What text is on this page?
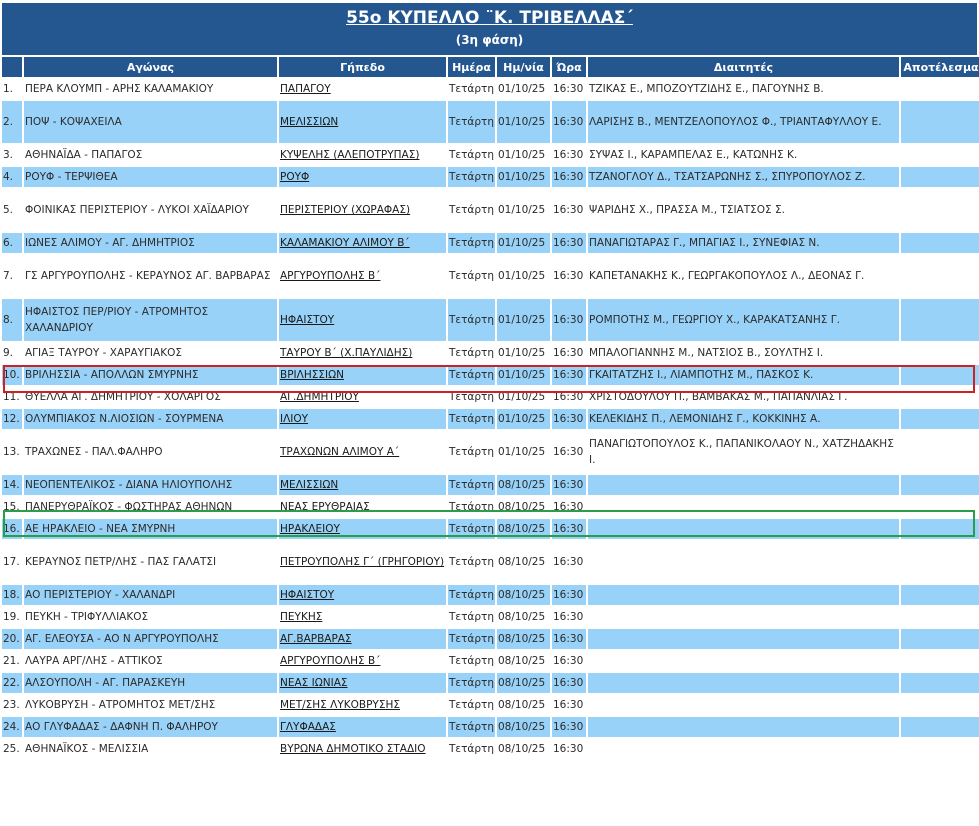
55ο ΚΥΠΕΛΛΟ ¨Κ. ΤΡΙΒΕΛΛΑΣ΄
(3η φάση)
	Αγώνας	Γήπεδο	Ημέρα	Ημ/νία	Ώρα	Διαιτητές	Αποτέλεσμα
1.	ΠΕΡΑ ΚΛΟΥΜΠ - ΑΡΗΣ ΚΑΛΑΜΑΚΙΟΥ	ΠΑΠΑΓΟΥ	Τετάρτη	01/10/25	16:30	ΤΖΙΚΑΣ Ε., ΜΠΟΖΟΥΤΖΙΔΗΣ Ε., ΠΑΓΟΥΝΗΣ Β.	
2.	ΠΟΨ - ΚΟΨΑΧΕΙΛΑ	ΜΕΛΙΣΣΙΩΝ	Τετάρτη	01/10/25	16:30	ΛΑΡΙΣΗΣ Β., ΜΕΝΤΖΕΛΟΠΟΥΛΟΣ Φ., ΤΡΙΑΝΤΑΦΥΛΛΟΥ Ε.	
3.	ΑΘΗΝΑΪΔΑ - ΠΑΠΑΓΟΣ	ΚΥΨΕΛΗΣ (ΑΛΕΠΟΤΡΥΠΑΣ)	Τετάρτη	01/10/25	16:30	ΣΥΨΑΣ Ι., ΚΑΡΑΜΠΕΛΑΣ Ε., ΚΑΤΩΝΗΣ Κ.	
4.	ΡΟΥΦ - ΤΕΡΨΙΘΕΑ	ΡΟΥΦ	Τετάρτη	01/10/25	16:30	ΤΖΑΝΟΓΛΟΥ Δ., ΤΣΑΤΣΑΡΩΝΗΣ Σ., ΣΠΥΡΟΠΟΥΛΟΣ Ζ.	
5.	ΦΟΙΝΙΚΑΣ ΠΕΡΙΣΤΕΡΙΟΥ - ΛΥΚΟΙ ΧΑΪΔΑΡΙΟΥ	ΠΕΡΙΣΤΕΡΙΟΥ (ΧΩΡΑΦΑΣ)	Τετάρτη	01/10/25	16:30	ΨΑΡΙΔΗΣ Χ., ΠΡΑΣΣΑ Μ., ΤΣΙΑΤΣΟΣ Σ.	
6.	ΙΩΝΕΣ ΑΛΙΜΟΥ - ΑΓ. ΔΗΜΗΤΡΙΟΣ	ΚΑΛΑΜΑΚΙΟΥ ΑΛΙΜΟΥ Β΄	Τετάρτη	01/10/25	16:30	ΠΑΝΑΓΙΩΤΑΡΑΣ Γ., ΜΠΑΓΙΑΣ Ι., ΣΥΝΕΦΙΑΣ Ν.	
7.	ΓΣ ΑΡΓΥΡΟΥΠΟΛΗΣ - ΚΕΡΑΥΝΟΣ ΑΓ. ΒΑΡΒΑΡΑΣ	ΑΡΓΥΡΟΥΠΟΛΗΣ Β΄	Τετάρτη	01/10/25	16:30	ΚΑΠΕΤΑΝΑΚΗΣ Κ., ΓΕΩΡΓΑΚΟΠΟΥΛΟΣ Λ., ΔΕΟΝΑΣ Γ.	
8.	ΗΦΑΙΣΤΟΣ ΠΕΡ/ΡΙΟΥ - ΑΤΡΟΜΗΤΟΣ ΧΑΛΑΝΔΡΙΟΥ	ΗΦΑΙΣΤΟΥ	Τετάρτη	01/10/25	16:30	ΡΟΜΠΟΤΗΣ Μ., ΓΕΩΡΓΙΟΥ Χ., ΚΑΡΑΚΑΤΣΑΝΗΣ Γ.	
9.	ΑΓΙΑΞ ΤΑΥΡΟΥ - ΧΑΡΑΥΓΙΑΚΟΣ	ΤΑΥΡΟΥ Β΄ (Χ.ΠΑΥΛΙΔΗΣ)	Τετάρτη	01/10/25	16:30	ΜΠΑΛΟΓΙΑΝΝΗΣ Μ., ΝΑΤΣΙΟΣ Β., ΣΟΥΛΤΗΣ Ι.	
10.	ΒΡΙΛΗΣΣΙΑ - ΑΠΟΛΛΩΝ ΣΜΥΡΝΗΣ	ΒΡΙΛΗΣΣΙΩΝ	Τετάρτη	01/10/25	16:30	ΓΚΑΙΤΑΤΖΗΣ Ι., ΛΙΑΜΠΟΤΗΣ Μ., ΠΑΣΚΟΣ Κ.	
11.	ΘΥΕΛΛΑ ΑΓ. ΔΗΜΗΤΡΙΟΥ - ΧΟΛΑΡΓΟΣ	ΑΓ.ΔΗΜΗΤΡΙΟΥ	Τετάρτη	01/10/25	16:30	ΧΡΙΣΤΟΔΟΥΛΟΥ Π., ΒΑΜΒΑΚΑΣ Μ., ΠΑΠΑΝΛΙΑΣ Γ.	
12.	ΟΛΥΜΠΙΑΚΟΣ Ν.ΛΙΟΣΙΩΝ - ΣΟΥΡΜΕΝΑ	ΙΛΙΟΥ	Τετάρτη	01/10/25	16:30	ΚΕΛΕΚΙΔΗΣ Π., ΛΕΜΟΝΙΔΗΣ Γ., ΚΟΚΚΙΝΗΣ Α.	
13.	ΤΡΑΧΩΝΕΣ - ΠΑΛ.ΦΑΛΗΡΟ	ΤΡΑΧΩΝΩΝ ΑΛΙΜΟΥ Α΄	Τετάρτη	01/10/25	16:30	ΠΑΝΑΓΙΩΤΟΠΟΥΛΟΣ Κ., ΠΑΠΑΝΙΚΟΛΑΟΥ Ν., ΧΑΤΖΗΔΑΚΗΣ Ι.	
14.	ΝΕΟΠΕΝΤΕΛΙΚΟΣ - ΔΙΑΝΑ ΗΛΙΟΥΠΟΛΗΣ	ΜΕΛΙΣΣΙΩΝ	Τετάρτη	08/10/25	16:30		
15.	ΠΑΝΕΡΥΘΡΑΪΚΟΣ - ΦΩΣΤΗΡΑΣ ΑΘΗΝΩΝ	ΝΕΑΣ ΕΡΥΘΡΑΙΑΣ	Τετάρτη	08/10/25	16:30		
16.	ΑΕ ΗΡΑΚΛΕΙΟ - ΝΕΑ ΣΜΥΡΝΗ	ΗΡΑΚΛΕΙΟΥ	Τετάρτη	08/10/25	16:30		
17.	ΚΕΡΑΥΝΟΣ ΠΕΤΡ/ΛΗΣ - ΠΑΣ ΓΑΛΑΤΣΙ	ΠΕΤΡΟΥΠΟΛΗΣ Γ΄ (ΓΡΗΓΟΡΙΟΥ)	Τετάρτη	08/10/25	16:30		
18.	ΑΟ ΠΕΡΙΣΤΕΡΙΟΥ - ΧΑΛΑΝΔΡΙ	ΗΦΑΙΣΤΟΥ	Τετάρτη	08/10/25	16:30		
19.	ΠΕΥΚΗ - ΤΡΙΦΥΛΛΙΑΚΟΣ	ΠΕΥΚΗΣ	Τετάρτη	08/10/25	16:30		
20.	ΑΓ. ΕΛΕΟΥΣΑ - ΑΟ Ν ΑΡΓΥΡΟΥΠΟΛΗΣ	ΑΓ.ΒΑΡΒΑΡΑΣ	Τετάρτη	08/10/25	16:30		
21.	ΛΑΥΡΑ ΑΡΓ/ΛΗΣ - ΑΤΤΙΚΟΣ	ΑΡΓΥΡΟΥΠΟΛΗΣ Β΄	Τετάρτη	08/10/25	16:30		
22.	ΑΛΣΟΥΠΟΛΗ - ΑΓ. ΠΑΡΑΣΚΕΥΗ	ΝΕΑΣ ΙΩΝΙΑΣ	Τετάρτη	08/10/25	16:30		
23.	ΛΥΚΟΒΡΥΣΗ - ΑΤΡΟΜΗΤΟΣ ΜΕΤ/ΣΗΣ	ΜΕΤ/ΣΗΣ ΛΥΚΟΒΡΥΣΗΣ	Τετάρτη	08/10/25	16:30		
24.	ΑΟ ΓΛΥΦΑΔΑΣ - ΔΑΦΝΗ Π. ΦΑΛΗΡΟΥ	ΓΛΥΦΑΔΑΣ	Τετάρτη	08/10/25	16:30		
25.	ΑΘΗΝΑΪΚΟΣ - ΜΕΛΙΣΣΙΑ	ΒΥΡΩΝΑ ΔΗΜΟΤΙΚΟ ΣΤΑΔΙΟ	Τετάρτη	08/10/25	16:30		
